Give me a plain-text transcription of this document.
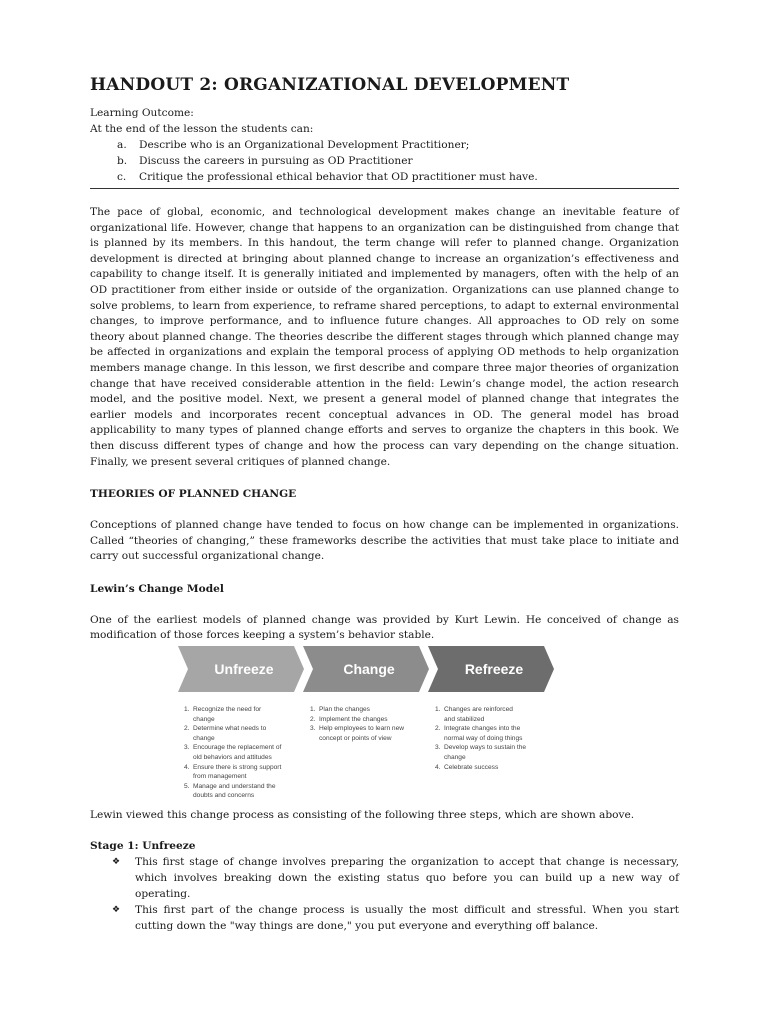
HANDOUT 2: ORGANIZATIONAL DEVELOPMENT
Learning Outcome:
At the end of the lesson the students can:
a.	Describe who is an Organizational Development Practitioner;
b.	Discuss the careers in pursuing as OD Practitioner
c.	Critique the professional ethical behavior that OD practitioner must have.

The pace of global, economic, and technological development makes change an inevitable feature of organizational life. However, change that happens to an organization can be distinguished from change that is planned by its members. In this handout, the term change will refer to planned change. Organization development is directed at bringing about planned change to increase an organization’s effectiveness and capability to change itself. It is generally initiated and implemented by managers, often with the help of an OD practitioner from either inside or outside of the organization. Organizations can use planned change to solve problems, to learn from experience, to reframe shared perceptions, to adapt to external environmental changes, to improve performance, and to influence future changes. All approaches to OD rely on some theory about planned change. The theories describe the different stages through which planned change may be affected in organizations and explain the temporal process of applying OD methods to help organization members manage change. In this lesson, we first describe and compare three major theories of organization change that have received considerable attention in the field: Lewin’s change model, the action research model, and the positive model. Next, we present a general model of planned change that integrates the earlier models and incorporates recent conceptual advances in OD. The general model has broad applicability to many types of planned change efforts and serves to organize the chapters in this book. We then discuss different types of change and how the process can vary depending on the change situation. Finally, we present several critiques of planned change.

THEORIES OF PLANNED CHANGE

Conceptions of planned change have tended to focus on how change can be implemented in organizations. Called “theories of changing,” these frameworks describe the activities that must take place to initiate and carry out successful organizational change.

Lewin’s Change Model

One of the earliest models of planned change was provided by Kurt Lewin. He conceived of change as modification of those forces keeping a system’s behavior stable.

Unfreeze	Change	Refreeze
1. Recognize the need for
change
2. Determine what needs to
change
3. Encourage the replacement of
old behaviors and attitudes
4. Ensure there is strong support
from management
5. Manage and understand the
doubts and concerns
1. Plan the changes
2. Implement the changes
3. Help employees to learn new
concept or points of view
1. Changes are reinforced
and stabilized
2. Integrate changes into the
normal way of doing things
3. Develop ways to sustain the
change
4. Celebrate success

Lewin viewed this change process as consisting of the following three steps, which are shown above.

Stage 1: Unfreeze

❖	This first stage of change involves preparing the organization to accept that change is necessary, which involves breaking down the existing status quo before you can build up a new way of operating.
❖	This first part of the change process is usually the most difficult and stressful. When you start cutting down the "way things are done," you put everyone and everything off balance.
